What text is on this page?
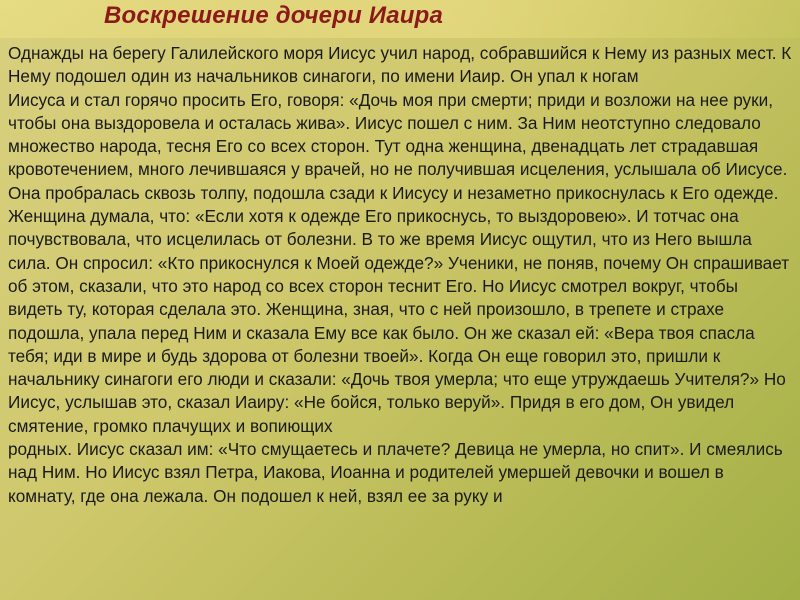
Воскрешение дочери Иаира

Однажды на берегу Галилейского моря Иисус учил народ, собравшийся к Нему из разных мест. К Нему подошел один из начальников синагоги, по имени Иаир. Он упал к ногам

Иисуса и стал горячо просить Его, говоря: «Дочь моя при смерти; приди и возложи на нее руки, чтобы она выздоровела и осталась жива». Иисус пошел с ним. За Ним неотступно следовало множество народа, тесня Его со всех сторон. Тут одна женщина, двенадцать лет страдавшая кровотечением, много лечившаяся у врачей, но не получившая исцеления, услышала об Иисусе. Она пробралась сквозь толпу, подошла сзади к Иисусу и незаметно прикоснулась к Его одежде. Женщина думала, что: «Если хотя к одежде Его прикоснусь, то выздоровею». И тотчас она почувствовала, что исцелилась от болезни. В то же время Иисус ощутил, что из Него вышла сила. Он спросил: «Кто прикоснулся к Моей одежде?» Ученики, не поняв, почему Он спрашивает об этом, сказали, что это народ со всех сторон теснит Его. Но Иисус смотрел вокруг, чтобы видеть ту, которая сделала это. Женщина, зная, что с ней произошло, в трепете и страхе подошла, упала перед Ним и сказала Ему все как было. Он же сказал ей: «Вера твоя спасла тебя; иди в мире и будь здорова от болезни твоей». Когда Он еще говорил это, пришли к начальнику синагоги его люди и сказали: «Дочь твоя умерла; что еще утруждаешь Учителя?» Но Иисус, услышав это, сказал Иаиру: «Не бойся, только веруй». Придя в его дом, Он увидел смятение, громко плачущих и вопиющих

родных. Иисус сказал им: «Что смущаетесь и плачете? Девица не умерла, но спит». И смеялись над Ним. Но Иисус взял Петра, Иакова, Иоанна и родителей умершей девочки и вошел в комнату, где она лежала. Он подошел к ней, взял ее за руку и
